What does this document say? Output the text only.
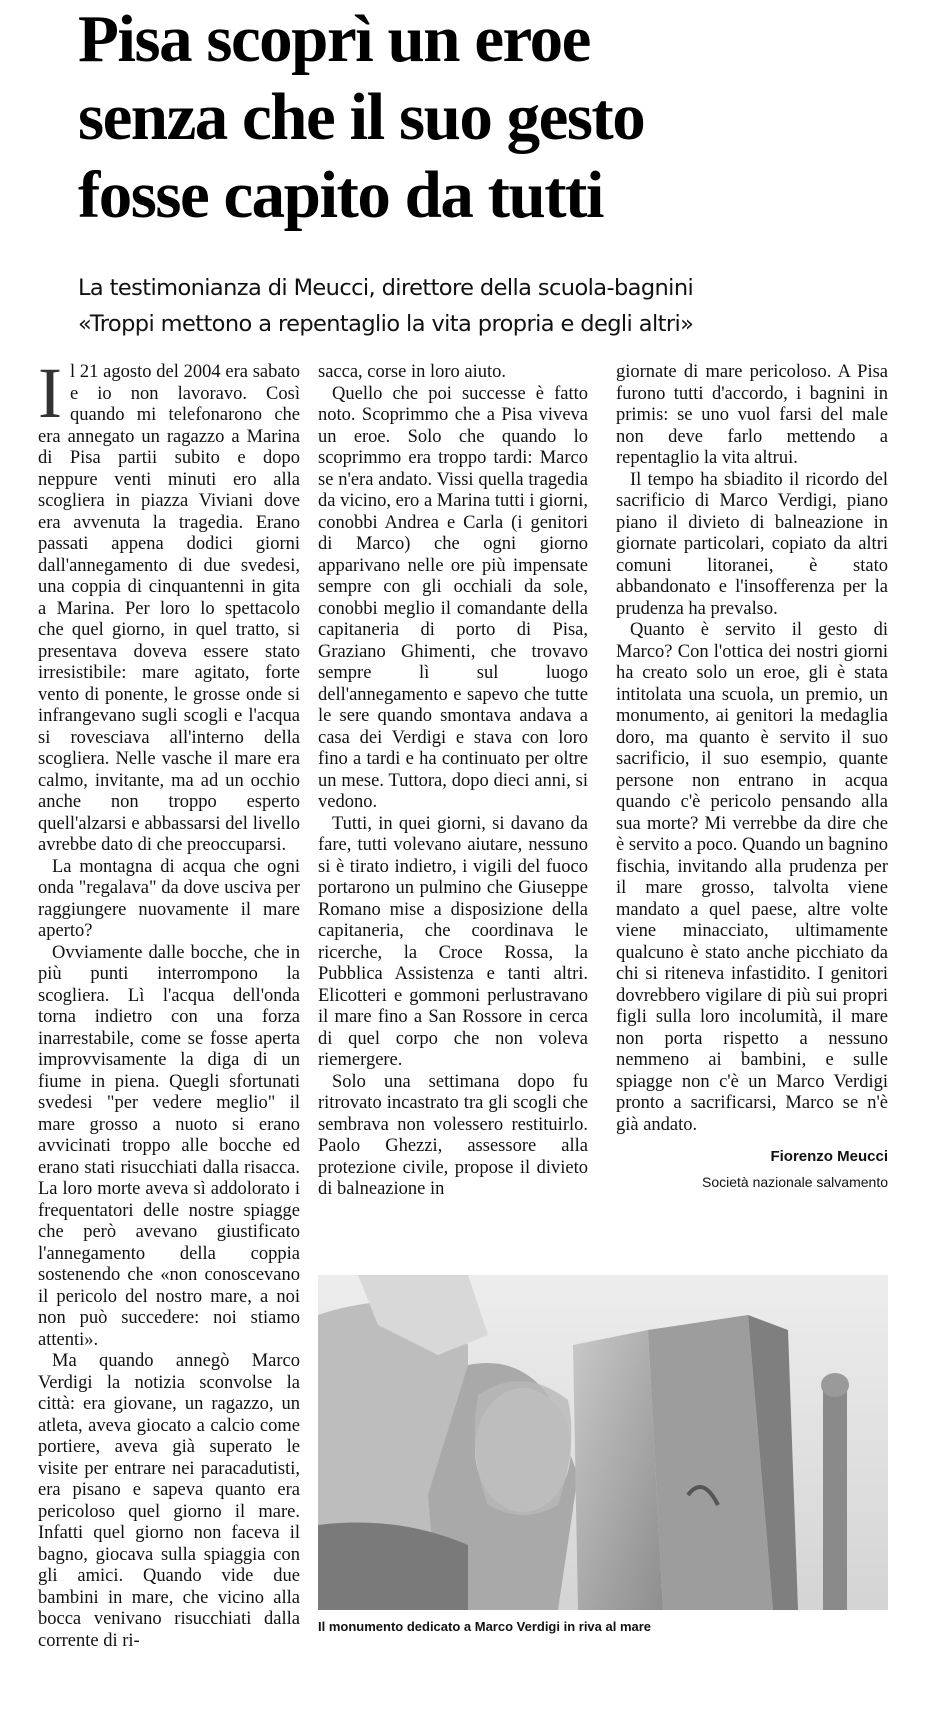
Pisa scoprì un eroe
senza che il suo gesto
fosse capito da tutti
La testimonianza di Meucci, direttore della scuola-bagnini
«Troppi mettono a repentaglio la vita propria e degli altri»

Il 21 agosto del 2004 era sabato e io non lavoravo. Così quando mi telefonarono che era annegato un ragazzo a Marina di Pisa partii subito e dopo neppure venti minuti ero alla scogliera in piazza Viviani dove era avvenuta la tragedia. Erano passati appena dodici giorni dall'annegamento di due svedesi, una coppia di cinquantenni in gita a Marina. Per loro lo spettacolo che quel giorno, in quel tratto, si presentava doveva essere stato irresistibile: mare agitato, forte vento di ponente, le grosse onde si infrangevano sugli scogli e l'acqua si rovesciava all'interno della scogliera. Nelle vasche il mare era calmo, invitante, ma ad un occhio anche non troppo esperto quell'alzarsi e abbassarsi del livello avrebbe dato di che preoccuparsi.

La montagna di acqua che ogni onda "regalava" da dove usciva per raggiungere nuovamente il mare aperto?

Ovviamente dalle bocche, che in più punti interrompono la scogliera. Lì l'acqua dell'onda torna indietro con una forza inarrestabile, come se fosse aperta improvvisamente la diga di un fiume in piena. Quegli sfortunati svedesi "per vedere meglio" il mare grosso a nuoto si erano avvicinati troppo alle bocche ed erano stati risucchiati dalla risacca. La loro morte aveva sì addolorato i frequentatori delle nostre spiagge che però avevano giustificato l'annegamento della coppia sostenendo che «non conoscevano il pericolo del nostro mare, a noi non può succedere: noi stiamo attenti».

Ma quando annegò Marco Verdigi la notizia sconvolse la città: era giovane, un ragazzo, un atleta, aveva giocato a calcio come portiere, aveva già superato le visite per entrare nei paracadutisti, era pisano e sapeva quanto era pericoloso quel giorno il mare. Infatti quel giorno non faceva il bagno, giocava sulla spiaggia con gli amici. Quando vide due bambini in mare, che vicino alla bocca venivano risucchiati dalla corrente di ri-

sacca, corse in loro aiuto.

Quello che poi successe è fatto noto. Scoprimmo che a Pisa viveva un eroe. Solo che quando lo scoprimmo era troppo tardi: Marco se n'era andato. Vissi quella tragedia da vicino, ero a Marina tutti i giorni, conobbi Andrea e Carla (i genitori di Marco) che ogni giorno apparivano nelle ore più impensate sempre con gli occhiali da sole, conobbi meglio il comandante della capitaneria di porto di Pisa, Graziano Ghimenti, che trovavo sempre lì sul luogo dell'annegamento e sapevo che tutte le sere quando smontava andava a casa dei Verdigi e stava con loro fino a tardi e ha continuato per oltre un mese. Tuttora, dopo dieci anni, si vedono.

Tutti, in quei giorni, si davano da fare, tutti volevano aiutare, nessuno si è tirato indietro, i vigili del fuoco portarono un pulmino che Giuseppe Romano mise a disposizione della capitaneria, che coordinava le ricerche, la Croce Rossa, la Pubblica Assistenza e tanti altri. Elicotteri e gommoni perlustravano il mare fino a San Rossore in cerca di quel corpo che non voleva riemergere.

Solo una settimana dopo fu ritrovato incastrato tra gli scogli che sembrava non volessero restituirlo. Paolo Ghezzi, assessore alla protezione civile, propose il divieto di balneazione in

giornate di mare pericoloso. A Pisa furono tutti d'accordo, i bagnini in primis: se uno vuol farsi del male non deve farlo mettendo a repentaglio la vita altrui.

Il tempo ha sbiadito il ricordo del sacrificio di Marco Verdigi, piano piano il divieto di balneazione in giornate particolari, copiato da altri comuni litoranei, è stato abbandonato e l'insofferenza per la prudenza ha prevalso.

Quanto è servito il gesto di Marco? Con l'ottica dei nostri giorni ha creato solo un eroe, gli è stata intitolata una scuola, un premio, un monumento, ai genitori la medaglia doro, ma quanto è servito il suo sacrificio, il suo esempio, quante persone non entrano in acqua quando c'è pericolo pensando alla sua morte? Mi verrebbe da dire che è servito a poco. Quando un bagnino fischia, invitando alla prudenza per il mare grosso, talvolta viene mandato a quel paese, altre volte viene minacciato, ultimamente qualcuno è stato anche picchiato da chi si riteneva infastidito. I genitori dovrebbero vigilare di più sui propri figli sulla loro incolumità, il mare non porta rispetto a nessuno nemmeno ai bambini, e sulle spiagge non c'è un Marco Verdigi pronto a sacrificarsi, Marco se n'è già andato.

Fiorenzo Meucci
Società nazionale salvamento
Il monumento dedicato a Marco Verdigi in riva al mare
